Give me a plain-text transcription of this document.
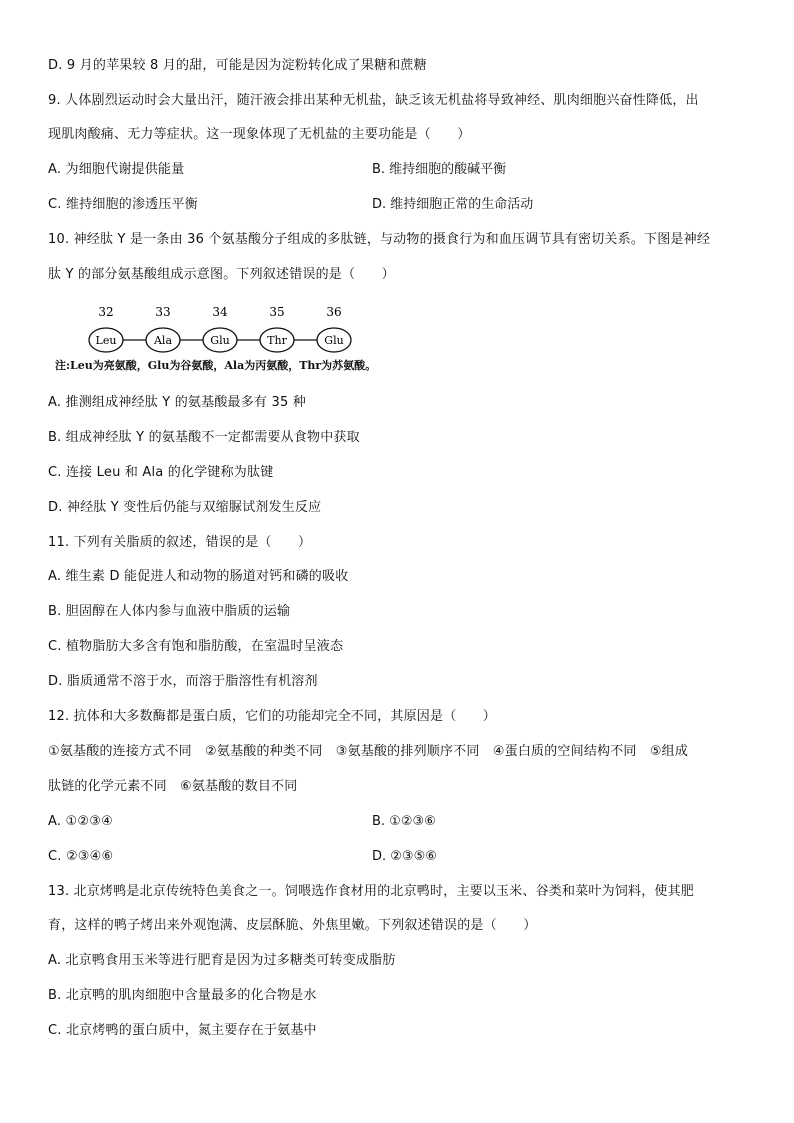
D. 9 月的苹果较 8 月的甜，可能是因为淀粉转化成了果糖和蔗糖
9. 人体剧烈运动时会大量出汗，随汗液会排出某种无机盐，缺乏该无机盐将导致神经、肌肉细胞兴奋性降低，出
现肌肉酸痛、无力等症状。这一现象体现了无机盐的主要功能是（　　）
A. 为细胞代谢提供能量	B. 维持细胞的酸碱平衡
C. 维持细胞的渗透压平衡	D. 维持细胞正常的生命活动
10. 神经肽 Y 是一条由 36 个氨基酸分子组成的多肽链，与动物的摄食行为和血压调节具有密切关系。下图是神经
肽 Y 的部分氨基酸组成示意图。下列叙述错误的是（　　）
32	33	34	35	36
Leu	Ala	Glu	Thr	Glu
注:Leu为亮氨酸，Glu为谷氨酸，Ala为丙氨酸，Thr为苏氨酸。
A. 推测组成神经肽 Y 的氨基酸最多有 35 种
B. 组成神经肽 Y 的氨基酸不一定都需要从食物中获取
C. 连接 Leu 和 Ala 的化学键称为肽键
D. 神经肽 Y 变性后仍能与双缩脲试剂发生反应
11. 下列有关脂质的叙述，错误的是（　　）
A. 维生素 D 能促进人和动物的肠道对钙和磷的吸收
B. 胆固醇在人体内参与血液中脂质的运输
C. 植物脂肪大多含有饱和脂肪酸，在室温时呈液态
D. 脂质通常不溶于水，而溶于脂溶性有机溶剂
12. 抗体和大多数酶都是蛋白质，它们的功能却完全不同，其原因是（　　）
①氨基酸的连接方式不同　②氨基酸的种类不同　③氨基酸的排列顺序不同　④蛋白质的空间结构不同　⑤组成
肽链的化学元素不同　⑥氨基酸的数目不同
A. ①②③④	B. ①②③⑥
C. ②③④⑥	D. ②③⑤⑥
13. 北京烤鸭是北京传统特色美食之一。饲喂选作食材用的北京鸭时，主要以玉米、谷类和菜叶为饲料，使其肥
育，这样的鸭子烤出来外观饱满、皮层酥脆、外焦里嫩。下列叙述错误的是（　　）
A. 北京鸭食用玉米等进行肥育是因为过多糖类可转变成脂肪
B. 北京鸭的肌肉细胞中含量最多的化合物是水
C. 北京烤鸭的蛋白质中，氮主要存在于氨基中
